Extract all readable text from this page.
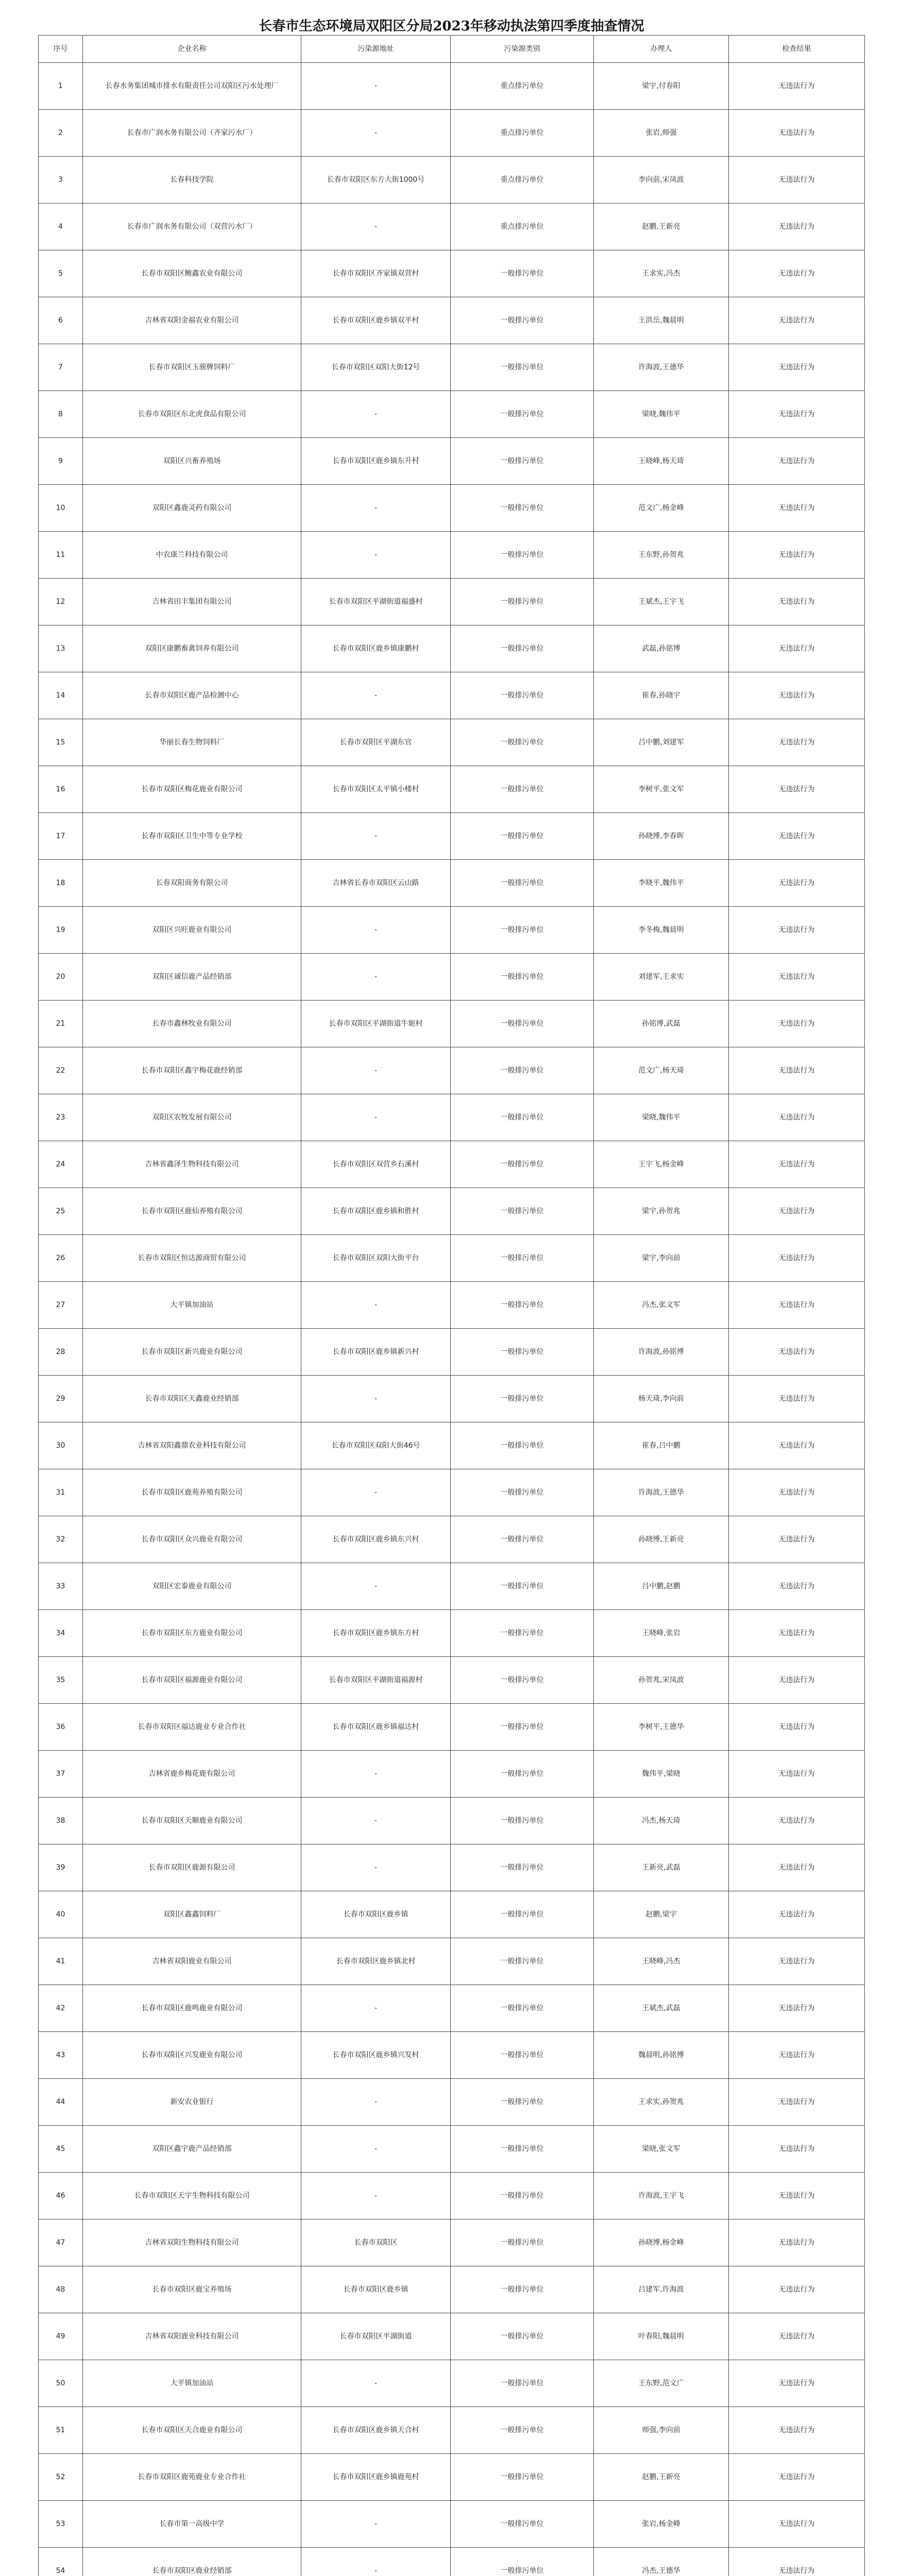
长春市生态环境局双阳区分局2023年移动执法第四季度抽查情况
序号	企业名称	污染源地址	污染源类别	办理人	检查结果
1	长春水务集团城市排水有限责任公司双阳区污水处理厂	-	重点排污单位	梁宇,付春阳	无违法行为
2	长春市广润水务有限公司（齐家污水厂）	-	重点排污单位	张岩,师强	无违法行为
3	长春科技学院	长春市双阳区东方大街1000号	重点排污单位	李向前,宋凤波	无违法行为
4	长春市广润水务有限公司（双营污水厂）	-	重点排污单位	赵鹏,王新亮	无违法行为
5	长春市双阳区鲍鑫农业有限公司	长春市双阳区齐家镇双营村	一般排污单位	王求实,冯杰	无违法行为
6	吉林省双阳金福农业有限公司	长春市双阳区鹿乡镇双平村	一般排污单位	王洪岳,魏晨明	无违法行为
7	长春市双阳区玉骏牌饲料厂	长春市双阳区双阳大街12号	一般排污单位	许海波,王德华	无违法行为
8	长春市双阳区东北虎食品有限公司	-	一般排污单位	梁晓,魏伟平	无违法行为
9	双阳区兴畜养殖场	长春市双阳区鹿乡镇东升村	一般排污单位	王晓峰,杨天琦	无违法行为
10	双阳区鑫鹿灵药有限公司	-	一般排污单位	范文广,杨金峰	无违法行为
11	中农康兰科技有限公司	-	一般排污单位	王东野,孙贺兆	无违法行为
12	吉林省田丰集团有限公司	长春市双阳区平湖街道福盛村	一般排污单位	王斌杰,王宇飞	无违法行为
13	双阳区康鹏畜禽饲养有限公司	长春市双阳区鹿乡镇康鹏村	一般排污单位	武磊,孙铭博	无违法行为
14	长春市双阳区鹿产品检测中心	-	一般排污单位	崔春,孙晓宇	无违法行为
15	华丽长春生物饲料厂	长春市双阳区平湖东官	一般排污单位	吕中鹏,刘建军	无违法行为
16	长春市双阳区梅花鹿业有限公司	长春市双阳区太平镇小楼村	一般排污单位	李树平,张文军	无违法行为
17	长春市双阳区卫生中等专业学校	-	一般排污单位	孙晓博,李春晖	无违法行为
18	长春双阳商务有限公司	吉林省长春市双阳区云山路	一般排污单位	李晓平,魏伟平	无违法行为
19	双阳区兴旺鹿业有限公司	-	一般排污单位	李冬梅,魏晨明	无违法行为
20	双阳区诚信鹿产品经销部	-	一般排污单位	刘建军,王求实	无违法行为
21	长春市鑫林牧业有限公司	长春市双阳区平湖街道牛轭村	一般排污单位	孙铭博,武磊	无违法行为
22	长春市双阳区鑫宇梅花鹿经销部	-	一般排污单位	范文广,杨天琦	无违法行为
23	双阳区农牧发展有限公司	-	一般排污单位	梁晓,魏伟平	无违法行为
24	吉林省鑫泽生物科技有限公司	长春市双阳区双营乡石溪村	一般排污单位	王宇飞,杨金峰	无违法行为
25	长春市双阳区鹿仙养殖有限公司	长春市双阳区鹿乡镇和胜村	一般排污单位	梁宇,孙贺兆	无违法行为
26	长春市双阳区恒达源商贸有限公司	长春市双阳区双阳大街平台	一般排污单位	梁宇,李向前	无违法行为
27	大平镇加油站	-	一般排污单位	冯杰,张文军	无违法行为
28	长春市双阳区新兴鹿业有限公司	长春市双阳区鹿乡镇新兴村	一般排污单位	许海波,孙铭博	无违法行为
29	长春市双阳区天鑫鹿业经销部	-	一般排污单位	杨天琦,李向前	无违法行为
30	吉林省双阳鑫鼎农业科技有限公司	长春市双阳区双阳大街46号	一般排污单位	崔春,吕中鹏	无违法行为
31	长春市双阳区鹿苑养殖有限公司	-	一般排污单位	许海波,王德华	无违法行为
32	长春市双阳区众兴鹿业有限公司	长春市双阳区鹿乡镇东兴村	一般排污单位	孙晓博,王新亮	无违法行为
33	双阳区宏泰鹿业有限公司	-	一般排污单位	吕中鹏,赵鹏	无违法行为
34	长春市双阳区东方鹿业有限公司	长春市双阳区鹿乡镇东方村	一般排污单位	王晓峰,张岩	无违法行为
35	长春市双阳区福源鹿业有限公司	长春市双阳区平湖街道福源村	一般排污单位	孙贺兆,宋凤波	无违法行为
36	长春市双阳区福达鹿业专业合作社	长春市双阳区鹿乡镇福达村	一般排污单位	李树平,王德华	无违法行为
37	吉林省鹿乡梅花鹿有限公司	-	一般排污单位	魏伟平,梁晓	无违法行为
38	长春市双阳区天顺鹿业有限公司	-	一般排污单位	冯杰,杨天琦	无违法行为
39	长春市双阳区鹿源有限公司	-	一般排污单位	王新亮,武磊	无违法行为
40	双阳区鑫鑫饲料厂	长春市双阳区鹿乡镇	一般排污单位	赵鹏,梁宇	无违法行为
41	吉林省双阳鹿业有限公司	长春市双阳区鹿乡镇北村	一般排污单位	王晓峰,冯杰	无违法行为
42	长春市双阳区鹿鸣鹿业有限公司	-	一般排污单位	王斌杰,武磊	无违法行为
43	长春市双阳区兴发鹿业有限公司	长春市双阳区鹿乡镇兴发村	一般排污单位	魏晨明,孙铭博	无违法行为
44	新安农业银行	-	一般排污单位	王求实,孙贺兆	无违法行为
45	双阳区鑫宇鹿产品经销部	-	一般排污单位	梁晓,张文军	无违法行为
46	长春市双阳区天宇生物科技有限公司	-	一般排污单位	许海波,王宇飞	无违法行为
47	吉林省双阳生物科技有限公司	长春市双阳区	一般排污单位	孙晓博,杨金峰	无违法行为
48	长春市双阳区鹿宝养殖场	长春市双阳区鹿乡镇	一般排污单位	吕建军,许海波	无违法行为
49	吉林省双阳鹿业科技有限公司	长春市双阳区平湖街道	一般排污单位	叶春阳,魏晨明	无违法行为
50	大平镇加油站	-	一般排污单位	王东野,范文广	无违法行为
51	长春市双阳区天合鹿业有限公司	长春市双阳区鹿乡镇天合村	一般排污单位	师强,李向前	无违法行为
52	长春市双阳区鹿苑鹿业专业合作社	长春市双阳区鹿乡镇鹿苑村	一般排污单位	赵鹏,王新亮	无违法行为
53	长春市第一高级中学	-	一般排污单位	张岩,杨金峰	无违法行为
54	长春市双阳区鹿业经销部	-	一般排污单位	冯杰,王德华	无违法行为
